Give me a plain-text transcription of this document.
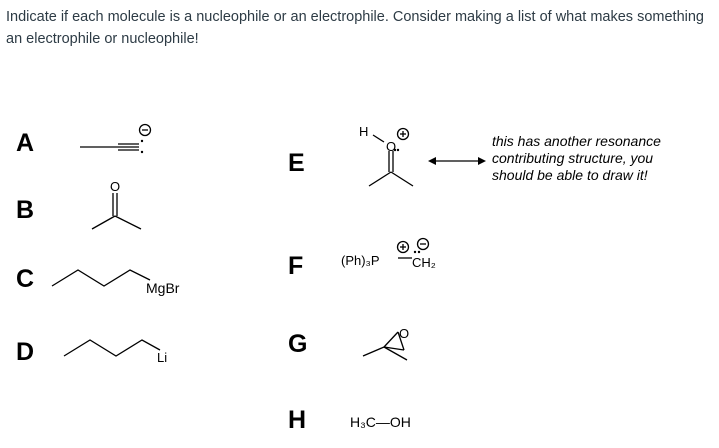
Indicate if each molecule is a nucleophile or an electrophile. Consider making a list of what makes something an electrophile or nucleophile!

A
B
C
D
E
F
G
H
O
MgBr
Li
H
O
(Ph)₃P CH₂
O
H₃C—OH

this has another resonance contributing structure, you should be able to draw it!
